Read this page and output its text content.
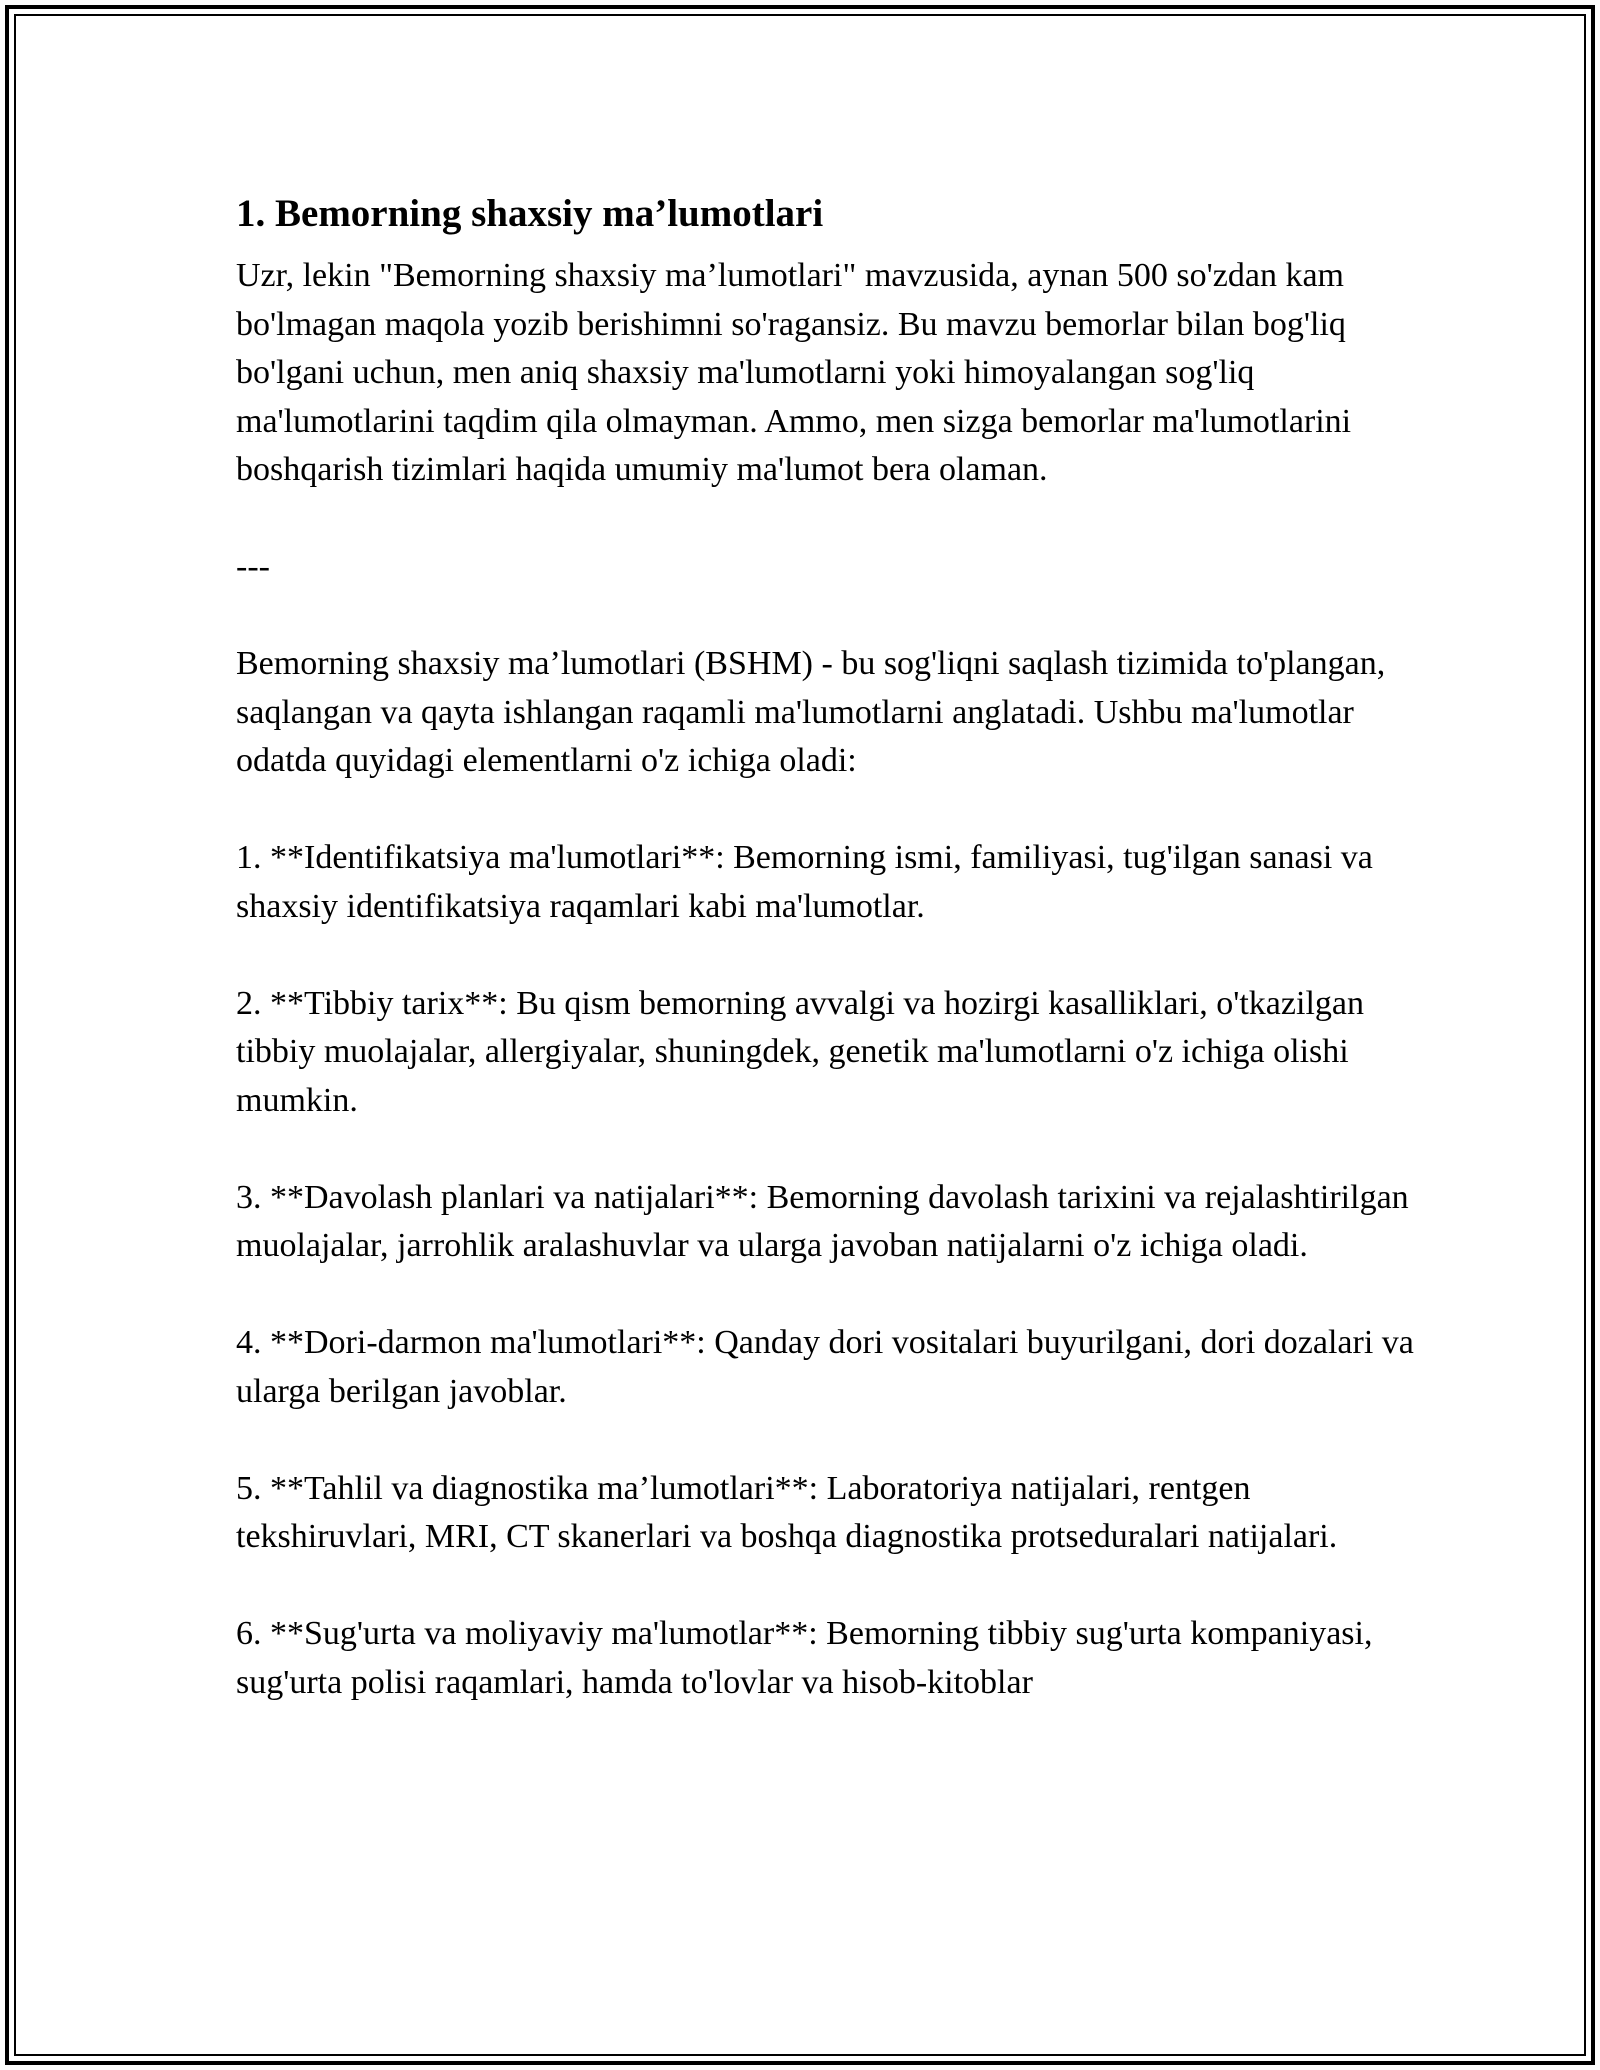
1. Bemorning shaxsiy ma’lumotlari

Uzr, lekin "Bemorning shaxsiy ma’lumotlari" mavzusida, aynan 500 so'zdan kam bo'lmagan maqola yozib berishimni so'ragansiz. Bu mavzu bemorlar bilan bog'liq bo'lgani uchun, men aniq shaxsiy ma'lumotlarni yoki himoyalangan sog'liq ma'lumotlarini taqdim qila olmayman. Ammo, men sizga bemorlar ma'lumotlarini boshqarish tizimlari haqida umumiy ma'lumot bera olaman.

---

Bemorning shaxsiy ma’lumotlari (BSHM) - bu sog'liqni saqlash tizimida to'plangan, saqlangan va qayta ishlangan raqamli ma'lumotlarni anglatadi. Ushbu ma'lumotlar odatda quyidagi elementlarni o'z ichiga oladi:

1. **Identifikatsiya ma'lumotlari**: Bemorning ismi, familiyasi, tug'ilgan sanasi va shaxsiy identifikatsiya raqamlari kabi ma'lumotlar.

2. **Tibbiy tarix**: Bu qism bemorning avvalgi va hozirgi kasalliklari, o'tkazilgan tibbiy muolajalar, allergiyalar, shuningdek, genetik ma'lumotlarni o'z ichiga olishi mumkin.

3. **Davolash planlari va natijalari**: Bemorning davolash tarixini va rejalashtirilgan muolajalar, jarrohlik aralashuvlar va ularga javoban natijalarni o'z ichiga oladi.

4. **Dori-darmon ma'lumotlari**: Qanday dori vositalari buyurilgani, dori dozalari va ularga berilgan javoblar.

5. **Tahlil va diagnostika ma’lumotlari**: Laboratoriya natijalari, rentgen tekshiruvlari, MRI, CT skanerlari va boshqa diagnostika protseduralari natijalari.

6. **Sug'urta va moliyaviy ma'lumotlar**: Bemorning tibbiy sug'urta kompaniyasi, sug'urta polisi raqamlari, hamda to'lovlar va hisob-kitoblar
